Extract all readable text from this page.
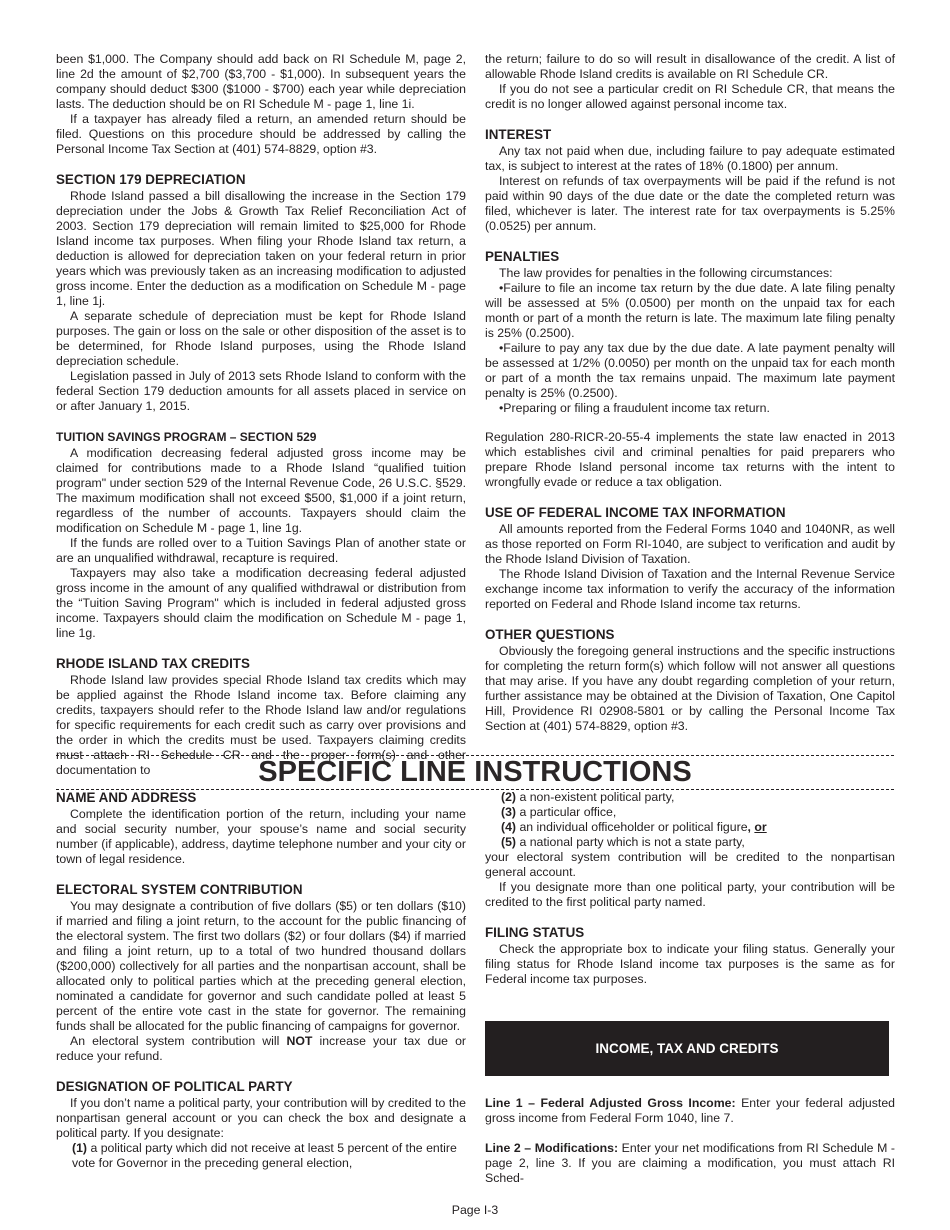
been $1,000. The Company should add back on RI Schedule M, page 2, line 2d the amount of $2,700 ($3,700 - $1,000). In subsequent years the company should deduct $300 ($1000 - $700) each year while depreciation lasts. The deduction should be on RI Schedule M - page 1, line 1i.

If a taxpayer has already filed a return, an amended return should be filed. Questions on this procedure should be addressed by calling the Personal Income Tax Section at (401) 574-8829, option #3.

SECTION 179 DEPRECIATION

Rhode Island passed a bill disallowing the increase in the Section 179 depreciation under the Jobs & Growth Tax Relief Reconciliation Act of 2003. Section 179 depreciation will remain limited to $25,000 for Rhode Island income tax purposes. When filing your Rhode Island tax return, a deduction is allowed for depreciation taken on your federal return in prior years which was previously taken as an increasing modification to adjusted gross income. Enter the deduction as a modification on Schedule M - page 1, line 1j.

A separate schedule of depreciation must be kept for Rhode Island purposes. The gain or loss on the sale or other disposition of the asset is to be determined, for Rhode Island purposes, using the Rhode Island depreciation schedule.

Legislation passed in July of 2013 sets Rhode Island to conform with the federal Section 179 deduction amounts for all assets placed in service on or after January 1, 2015.

TUITION SAVINGS PROGRAM – SECTION 529

A modification decreasing federal adjusted gross income may be claimed for contributions made to a Rhode Island “qualified tuition program" under section 529 of the Internal Revenue Code, 26 U.S.C. §529. The maximum modification shall not exceed $500, $1,000 if a joint return, regardless of the number of accounts. Taxpayers should claim the modification on Schedule M - page 1, line 1g.

If the funds are rolled over to a Tuition Savings Plan of another state or are an unqualified withdrawal, recapture is required.

Taxpayers may also take a modification decreasing federal adjusted gross income in the amount of any qualified withdrawal or distribution from the “Tuition Saving Program" which is included in federal adjusted gross income. Taxpayers should claim the modification on Schedule M - page 1, line 1g.

RHODE ISLAND TAX CREDITS

Rhode Island law provides special Rhode Island tax credits which may be applied against the Rhode Island income tax. Before claiming any credits, taxpayers should refer to the Rhode Island law and/or regulations for specific requirements for each credit such as carry over provisions and the order in which the credits must be used. Taxpayers claiming credits must attach RI Schedule CR and the proper form(s) and other documentation to

the return; failure to do so will result in disallowance of the credit. A list of allowable Rhode Island credits is available on RI Schedule CR.

If you do not see a particular credit on RI Schedule CR, that means the credit is no longer allowed against personal income tax.

INTEREST

Any tax not paid when due, including failure to pay adequate estimated tax, is subject to interest at the rates of 18% (0.1800) per annum.

Interest on refunds of tax overpayments will be paid if the refund is not paid within 90 days of the due date or the date the completed return was filed, whichever is later. The interest rate for tax overpayments is 5.25% (0.0525) per annum.

PENALTIES

The law provides for penalties in the following circumstances:

•Failure to file an income tax return by the due date. A late filing penalty will be assessed at 5% (0.0500) per month on the unpaid tax for each month or part of a month the return is late. The maximum late filing penalty is 25% (0.2500).

•Failure to pay any tax due by the due date. A late payment penalty will be assessed at 1/2% (0.0050) per month on the unpaid tax for each month or part of a month the tax remains unpaid. The maximum late payment penalty is 25% (0.2500).

•Preparing or filing a fraudulent income tax return.

Regulation 280-RICR-20-55-4 implements the state law enacted in 2013 which establishes civil and criminal penalties for paid preparers who prepare Rhode Island personal income tax returns with the intent to wrongfully evade or reduce a tax obligation.

USE OF FEDERAL INCOME TAX INFORMATION

All amounts reported from the Federal Forms 1040 and 1040NR, as well as those reported on Form RI-1040, are subject to verification and audit by the Rhode Island Division of Taxation.

The Rhode Island Division of Taxation and the Internal Revenue Service exchange income tax information to verify the accuracy of the information reported on Federal and Rhode Island income tax returns.

OTHER QUESTIONS

Obviously the foregoing general instructions and the specific instructions for completing the return form(s) which follow will not answer all questions that may arise. If you have any doubt regarding completion of your return, further assistance may be obtained at the Division of Taxation, One Capitol Hill, Providence RI 02908-5801 or by calling the Personal Income Tax Section at (401) 574-8829, option #3.

SPECIFIC LINE INSTRUCTIONS
NAME AND ADDRESS

Complete the identification portion of the return, including your name and social security number, your spouse’s name and social security number (if applicable), address, daytime telephone number and your city or town of legal residence.

ELECTORAL SYSTEM CONTRIBUTION

You may designate a contribution of five dollars ($5) or ten dollars ($10) if married and filing a joint return, to the account for the public financing of the electoral system. The first two dollars ($2) or four dollars ($4) if married and filing a joint return, up to a total of two hundred thousand dollars ($200,000) collectively for all parties and the nonpartisan account, shall be allocated only to political parties which at the preceding general election, nominated a candidate for governor and such candidate polled at least 5 percent of the entire vote cast in the state for governor. The remaining funds shall be allocated for the public financing of campaigns for governor.

An electoral system contribution will NOT increase your tax due or reduce your refund.

DESIGNATION OF POLITICAL PARTY

If you don’t name a political party, your contribution will by credited to the nonpartisan general account or you can check the box and designate a political party. If you designate:

(1) a political party which did not receive at least 5 percent of the entire vote for Governor in the preceding general election,

(2) a non-existent political party,

(3) a particular office,

(4) an individual officeholder or political figure, or

(5) a national party which is not a state party,

your electoral system contribution will be credited to the nonpartisan general account.

If you designate more than one political party, your contribution will be credited to the first political party named.

FILING STATUS

Check the appropriate box to indicate your filing status. Generally your filing status for Rhode Island income tax purposes is the same as for Federal income tax purposes.

INCOME, TAX AND CREDITS

Line 1 – Federal Adjusted Gross Income: Enter your federal adjusted gross income from Federal Form 1040, line 7.

Line 2 – Modifications: Enter your net modifications from RI Schedule M - page 2, line 3. If you are claiming a modification, you must attach RI Sched-

Page I-3
